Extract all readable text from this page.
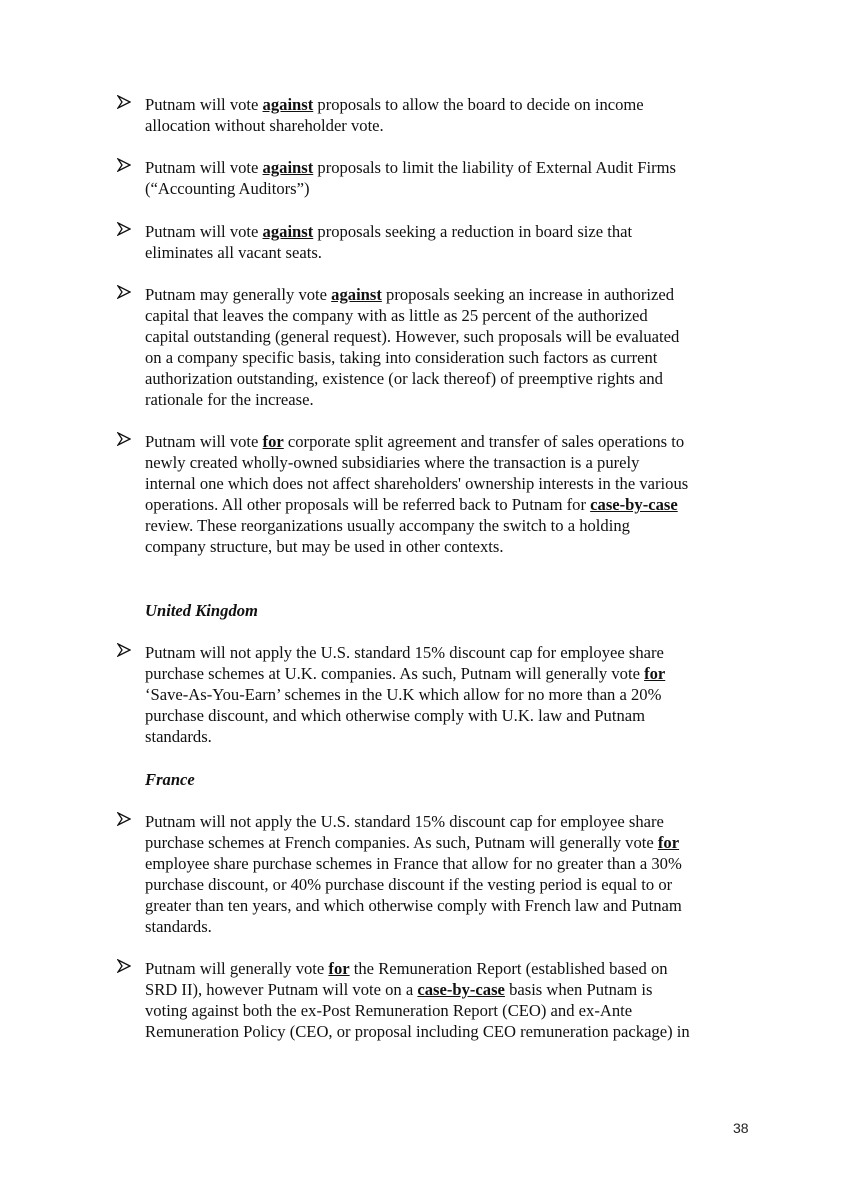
Putnam will vote against proposals to allow the board to decide on income
allocation without shareholder vote.
Putnam will vote against proposals to limit the liability of External Audit Firms
(“Accounting Auditors”)
Putnam will vote against proposals seeking a reduction in board size that
eliminates all vacant seats.
Putnam may generally vote against proposals seeking an increase in authorized
capital that leaves the company with as little as 25 percent of the authorized
capital outstanding (general request). However, such proposals will be evaluated
on a company specific basis, taking into consideration such factors as current
authorization outstanding, existence (or lack thereof) of preemptive rights and
rationale for the increase.
Putnam will vote for corporate split agreement and transfer of sales operations to
newly created wholly-owned subsidiaries where the transaction is a purely
internal one which does not affect shareholders' ownership interests in the various
operations. All other proposals will be referred back to Putnam for case-by-case
review. These reorganizations usually accompany the switch to a holding
company structure, but may be used in other contexts.
United Kingdom
Putnam will not apply the U.S. standard 15% discount cap for employee share
purchase schemes at U.K. companies. As such, Putnam will generally vote for
‘Save-As-You-Earn’ schemes in the U.K which allow for no more than a 20%
purchase discount, and which otherwise comply with U.K. law and Putnam
standards.
France
Putnam will not apply the U.S. standard 15% discount cap for employee share
purchase schemes at French companies. As such, Putnam will generally vote for
employee share purchase schemes in France that allow for no greater than a 30%
purchase discount, or 40% purchase discount if the vesting period is equal to or
greater than ten years, and which otherwise comply with French law and Putnam
standards.
Putnam will generally vote for the Remuneration Report (established based on
SRD II), however Putnam will vote on a case-by-case basis when Putnam is
voting against both the ex-Post Remuneration Report (CEO) and ex-Ante
Remuneration Policy (CEO, or proposal including CEO remuneration package) in
38
